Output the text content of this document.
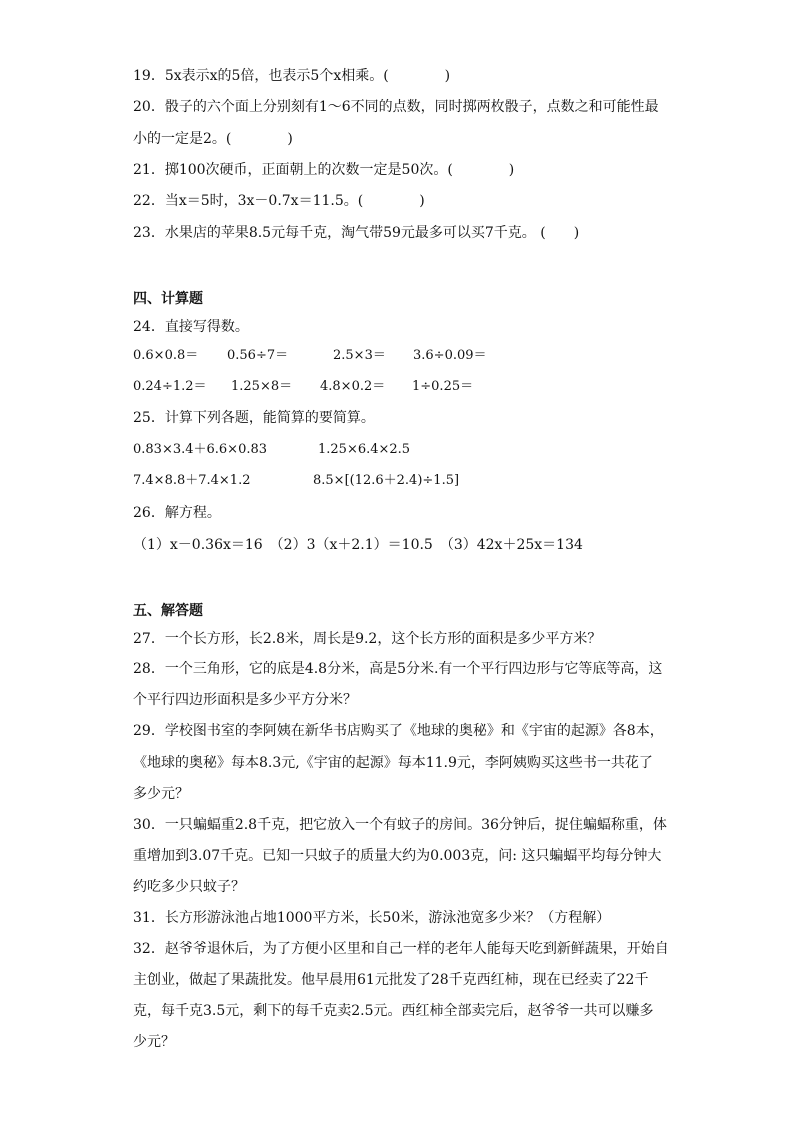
19．5x表示x的5倍，也表示5个x相乘。(　　　　)
20．骰子的六个面上分别刻有1～6不同的点数，同时掷两枚骰子，点数之和可能性最
小的一定是2。(　　　　)
21．掷100次硬币，正面朝上的次数一定是50次。(　　　　)
22．当x＝5时，3x－0.7x＝11.5。(　　　　)
23．水果店的苹果8.5元每千克，淘气带59元最多可以买7千克。 (　　)
四、计算题
24．直接写得数。
0.6×0.8＝ 0.56÷7＝	2.5×3＝ 3.6÷0.09＝
0.24÷1.2＝ 1.25×8＝ 4.8×0.2＝ 1÷0.25＝
25．计算下列各题，能简算的要简算。
0.83×3.4＋6.6×0.83	1.25×6.4×2.5
7.4×8.8＋7.4×1.2	8.5×[(12.6＋2.4)÷1.5]
26．解方程。
（1）x－0.36x＝16　（2）3（x＋2.1）＝10.5　（3）42x＋25x＝134
五、解答题
27．一个长方形，长2.8米，周长是9.2，这个长方形的面积是多少平方米？
28．一个三角形，它的底是4.8分米，高是5分米.有一个平行四边形与它等底等高，这
个平行四边形面积是多少平方分米？
29．学校图书室的李阿姨在新华书店购买了《地球的奥秘》和《宇宙的起源》各8本，
《地球的奥秘》每本8.3元,《宇宙的起源》每本11.9元，李阿姨购买这些书一共花了
多少元？
30．一只蝙蝠重2.8千克，把它放入一个有蚊子的房间。36分钟后，捉住蝙蝠称重，体
重增加到3.07千克。已知一只蚊子的质量大约为0.003克，问: 这只蝙蝠平均每分钟大
约吃多少只蚊子？
31．长方形游泳池占地1000平方米，长50米，游泳池宽多少米？（方程解）
32．赵爷爷退休后，为了方便小区里和自己一样的老年人能每天吃到新鲜蔬果，开始自
主创业，做起了果蔬批发。他早晨用61元批发了28千克西红柿，现在已经卖了22千
克，每千克3.5元，剩下的每千克卖2.5元。西红柿全部卖完后，赵爷爷一共可以赚多
少元？
